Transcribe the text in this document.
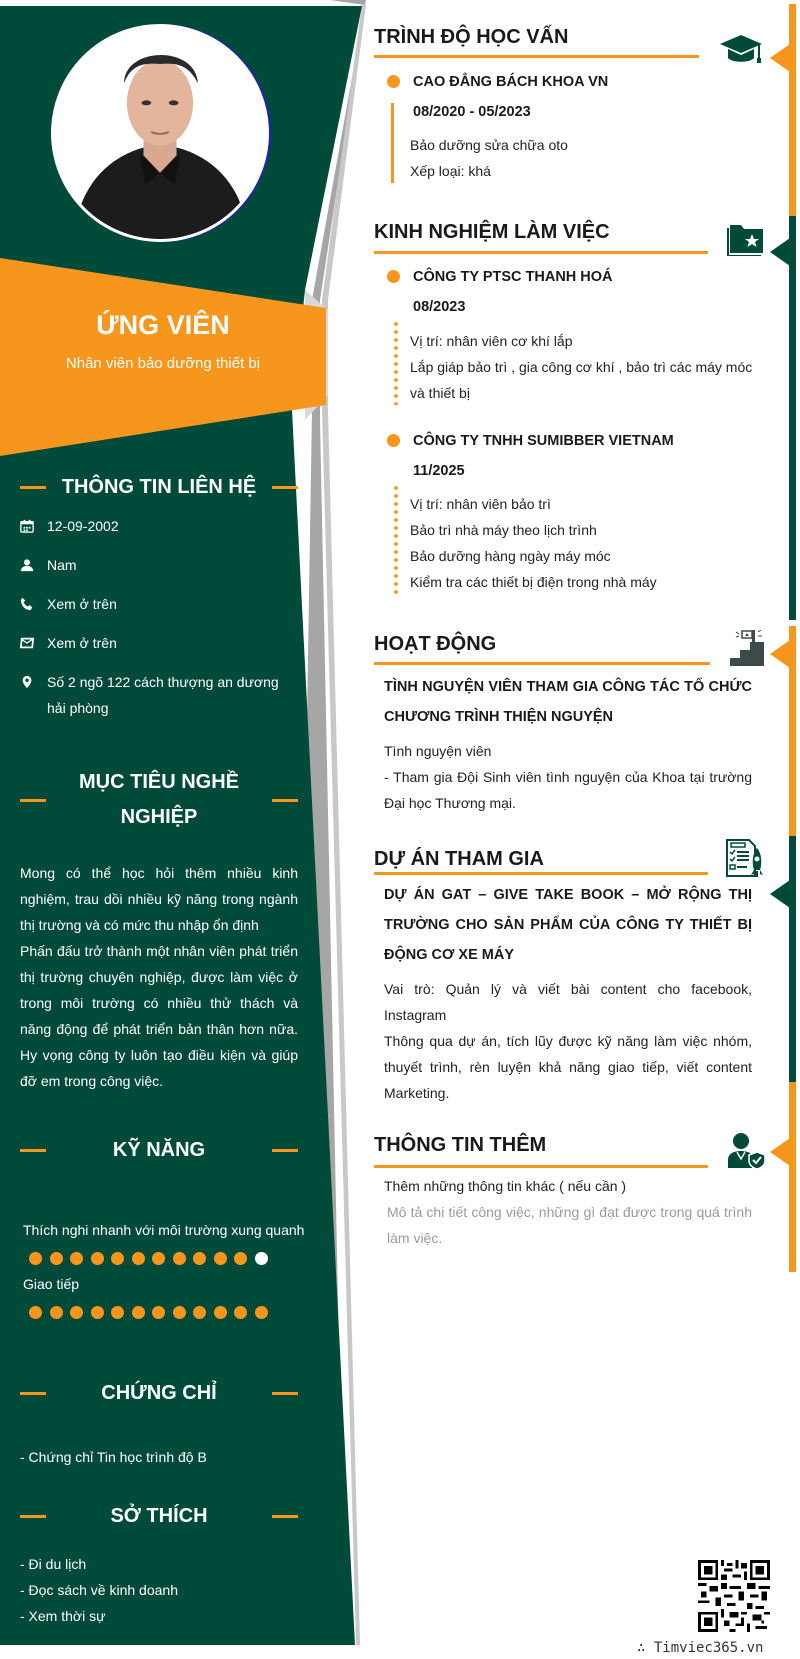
ỨNG VIÊN
Nhân viên bảo dưỡng thiết bị
THÔNG TIN LIÊN HỆ
12-09-2002
Nam
Xem ở trên
Xem ở trên
Số 2 ngõ 122 cách thượng an dương hải phòng
MỤC TIÊU NGHỀ NGHIỆP
Mong có thể học hỏi thêm nhiều kinh nghiệm, trau dồi nhiều kỹ năng trong ngành thị trường và có mức thu nhập ổn định
Phấn đấu trở thành một nhân viên phát triển thị trường chuyên nghiệp, được làm việc ở trong môi trường có nhiều thử thách và năng động để phát triển bản thân hơn nữa. Hy vọng công ty luôn tạo điều kiện và giúp đỡ em trong công việc.
KỸ NĂNG
Thích nghi nhanh với môi trường xung quanh
Giao tiếp
CHỨNG CHỈ
- Chứng chỉ Tin học trình độ B
SỞ THÍCH
- Đi du lịch
- Đọc sách về kinh doanh
- Xem thời sự
TRÌNH ĐỘ HỌC VẤN
CAO ĐẲNG BÁCH KHOA VN
08/2020 - 05/2023
Bảo dưỡng sửa chữa oto
Xếp loại: khá
KINH NGHIỆM LÀM VIỆC
CÔNG TY PTSC THANH HOÁ
08/2023
Vị trí: nhân viên cơ khí lắp
Lắp giáp bảo trì , gia công cơ khí , bảo trì các máy móc
và thiết bị
CÔNG TY TNHH SUMIBBER VIETNAM
11/2025
Vị trí: nhân viên bảo trì
Bảo trì nhà máy theo lịch trình
Bảo dưỡng hàng ngày máy móc
Kiểm tra các thiết bị điện trong nhà máy
HOẠT ĐỘNG
TÌNH NGUYỆN VIÊN THAM GIA CÔNG TÁC TỔ CHỨC CHƯƠNG TRÌNH THIỆN NGUYỆN
Tình nguyện viên
- Tham gia Đội Sinh viên tình nguyện của Khoa tại trường Đại học Thương mại.
DỰ ÁN THAM GIA
DỰ ÁN GAT – GIVE TAKE BOOK – MỞ RỘNG THỊ TRƯỜNG CHO SẢN PHẨM CỦA CÔNG TY THIẾT BỊ ĐỘNG CƠ XE MÁY
Vai trò: Quản lý và viết bài content cho facebook, Instagram
Thông qua dự án, tích lũy được kỹ năng làm việc nhóm, thuyết trình, rèn luyện khả năng giao tiếp, viết content Marketing.
THÔNG TIN THÊM
Thêm những thông tin khác ( nếu cần )
Mô tả chi tiết công việc, những gì đạt được trong quá trình làm việc.
∴ Timviec365.vn
